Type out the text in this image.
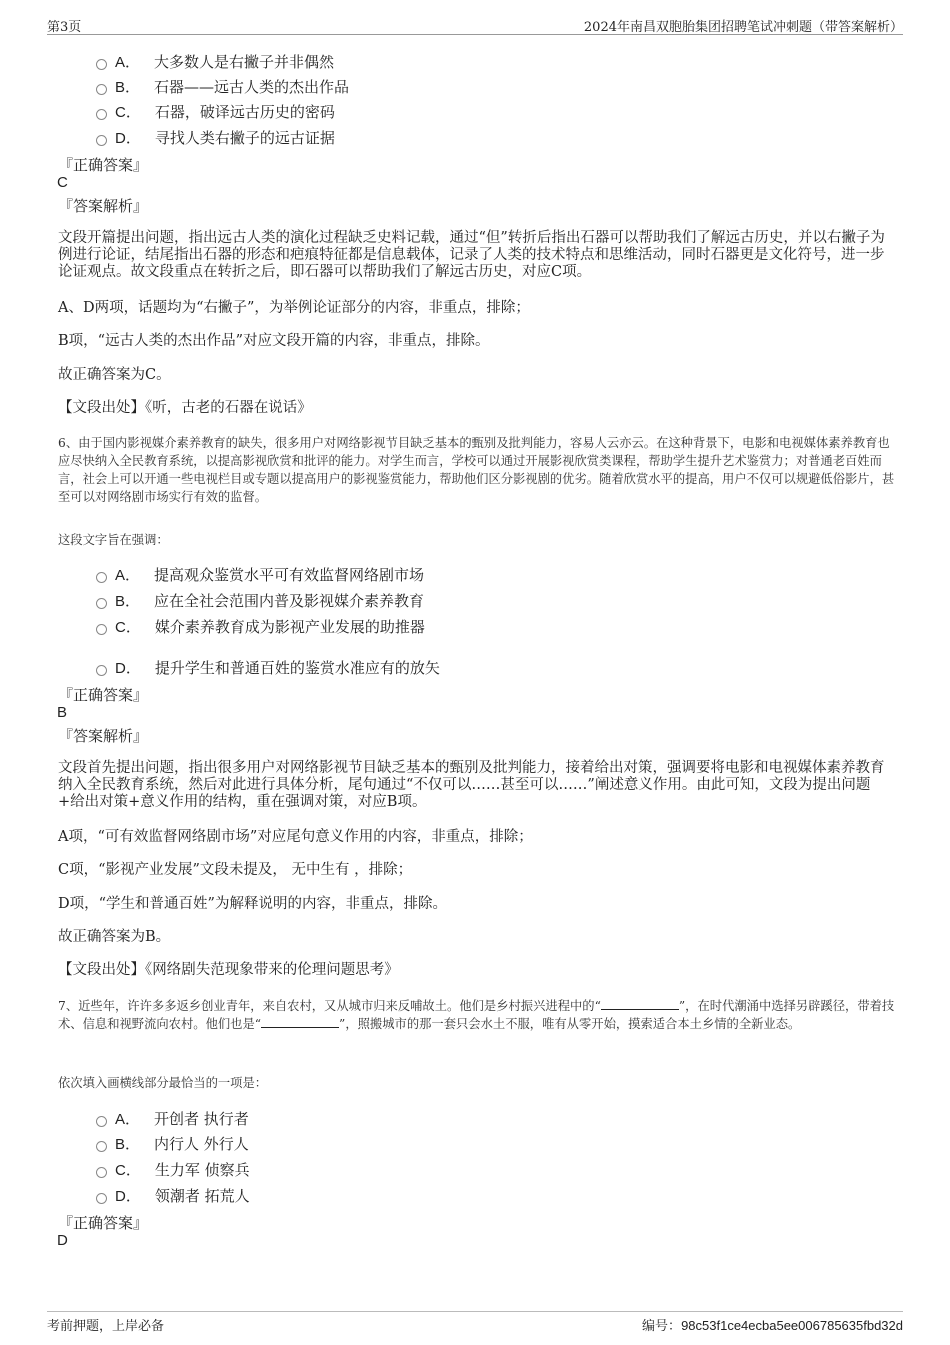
第3页	2024年南昌双胞胎集团招聘笔试冲刺题（带答案解析）
A． 大多数人是右撇子并非偶然
B． 石器——远古人类的杰出作品
C． 石器，破译远古历史的密码
D． 寻找人类右撇子的远古证据
『正确答案』
C
『答案解析』
文段开篇提出问题，指出远古人类的演化过程缺乏史料记载，通过“但”转折后指出石器可以帮助我们了解远古历史，并以右撇子为例进行论证，结尾指出石器的形态和疤痕特征都是信息载体，记录了人类的技术特点和思维活动，同时石器更是文化符号，进一步论证观点。故文段重点在转折之后，即石器可以帮助我们了解远古历史，对应C项。
A、D两项，话题均为“右撇子”，为举例论证部分的内容，非重点，排除；
B项，“远古人类的杰出作品”对应文段开篇的内容，非重点，排除。
故正确答案为C。
【文段出处】《听，古老的石器在说话》
6、由于国内影视媒介素养教育的缺失，很多用户对网络影视节目缺乏基本的甄别及批判能力，容易人云亦云。在这种背景下，电影和电视媒体素养教育也应尽快纳入全民教育系统，以提高影视欣赏和批评的能力。对学生而言，学校可以通过开展影视欣赏类课程，帮助学生提升艺术鉴赏力；对普通老百姓而言，社会上可以开通一些电视栏目或专题以提高用户的影视鉴赏能力，帮助他们区分影视剧的优劣。随着欣赏水平的提高，用户不仅可以规避低俗影片，甚至可以对网络剧市场实行有效的监督。
这段文字旨在强调：
A． 提高观众鉴赏水平可有效监督网络剧市场
B． 应在全社会范围内普及影视媒介素养教育
C． 媒介素养教育成为影视产业发展的助推器
D． 提升学生和普通百姓的鉴赏水准应有的放矢
『正确答案』
B
『答案解析』
文段首先提出问题，指出很多用户对网络影视节目缺乏基本的甄别及批判能力，接着给出对策，强调要将电影和电视媒体素养教育纳入全民教育系统，然后对此进行具体分析，尾句通过“不仅可以……甚至可以……”阐述意义作用。由此可知，文段为提出问题+给出对策+意义作用的结构，重在强调对策，对应B项。
A项，“可有效监督网络剧市场”对应尾句意义作用的内容，非重点，排除；
C项，“影视产业发展”文段未提及， 无中生有 ，排除；
D项，“学生和普通百姓”为解释说明的内容，非重点，排除。
故正确答案为B。
【文段出处】《网络剧失范现象带来的伦理问题思考》
7、近些年，许许多多返乡创业青年，来自农村，又从城市归来反哺故土。他们是乡村振兴进程中的“	”，在时代潮涌中选择另辟蹊径，带着技术、信息和视野流向农村。他们也是“	”，照搬城市的那一套只会水土不服，唯有从零开始，摸索适合本土乡情的全新业态。
依次填入画横线部分最恰当的一项是：
A． 开创者 执行者
B． 内行人 外行人
C． 生力军 侦察兵
D． 领潮者 拓荒人
『正确答案』
D
考前押题，上岸必备	编号：98c53f1ce4ecba5ee006785635fbd32d
